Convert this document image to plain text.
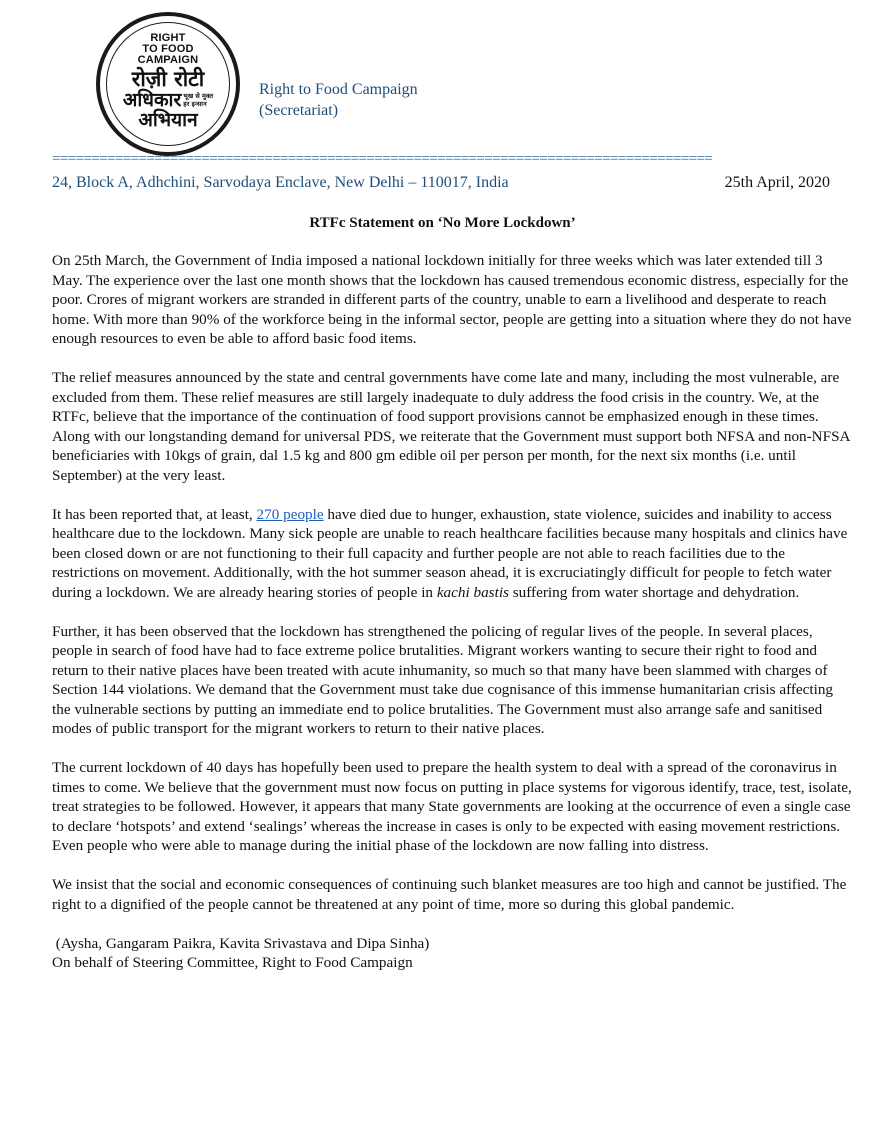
RIGHT
TO FOOD
CAMPAIGN
रोज़ी रोटी
अधिकार भूख से मुक्त
हर इन्सान
अभियान
Right to Food Campaign
(Secretariat)
====================================================================================
24, Block A, Adhchini, Sarvodaya Enclave, New Delhi – 110017, India	25th April, 2020
RTFc Statement on ‘No More Lockdown’

On 25th March, the Government of India imposed a national lockdown initially for three weeks which was later extended till 3 May. The experience over the last one month shows that the lockdown has caused tremendous economic distress, especially for the poor. Crores of migrant workers are stranded in different parts of the country, unable to earn a livelihood and desperate to reach home. With more than 90% of the workforce being in the informal sector, people are getting into a situation where they do not have enough resources to even be able to afford basic food items.

The relief measures announced by the state and central governments have come late and many, including the most vulnerable, are excluded from them. These relief measures are still largely inadequate to duly address the food crisis in the country. We, at the RTFc, believe that the importance of the continuation of food support provisions cannot be emphasized enough in these times. Along with our longstanding demand for universal PDS, we reiterate that the Government must support both NFSA and non-NFSA beneficiaries with 10kgs of grain, dal 1.5 kg and 800 gm edible oil per person per month, for the next six months (i.e. until September) at the very least.

It has been reported that, at least, 270 people have died due to hunger, exhaustion, state violence, suicides and inability to access healthcare due to the lockdown. Many sick people are unable to reach healthcare facilities because many hospitals and clinics have been closed down or are not functioning to their full capacity and further people are not able to reach facilities due to the restrictions on movement. Additionally, with the hot summer season ahead, it is excruciatingly difficult for people to fetch water during a lockdown. We are already hearing stories of people in kachi bastis suffering from water shortage and dehydration.

Further, it has been observed that the lockdown has strengthened the policing of regular lives of the people. In several places, people in search of food have had to face extreme police brutalities. Migrant workers wanting to secure their right to food and return to their native places have been treated with acute inhumanity, so much so that many have been slammed with charges of Section 144 violations. We demand that the Government must take due cognisance of this immense humanitarian crisis affecting the vulnerable sections by putting an immediate end to police brutalities. The Government must also arrange safe and sanitised modes of public transport for the migrant workers to return to their native places.

The current lockdown of 40 days has hopefully been used to prepare the health system to deal with a spread of the coronavirus in times to come. We believe that the government must now focus on putting in place systems for vigorous identify, trace, test, isolate, treat strategies to be followed. However, it appears that many State governments are looking at the occurrence of even a single case to declare ‘hotspots’ and extend ‘sealings’ whereas the increase in cases is only to be expected with easing movement restrictions. Even people who were able to manage during the initial phase of the lockdown are now falling into distress.

We insist that the social and economic consequences of continuing such blanket measures are too high and cannot be justified. The right to a dignified of the people cannot be threatened at any point of time, more so during this global pandemic.

(Aysha, Gangaram Paikra, Kavita Srivastava and Dipa Sinha)
On behalf of Steering Committee, Right to Food Campaign
